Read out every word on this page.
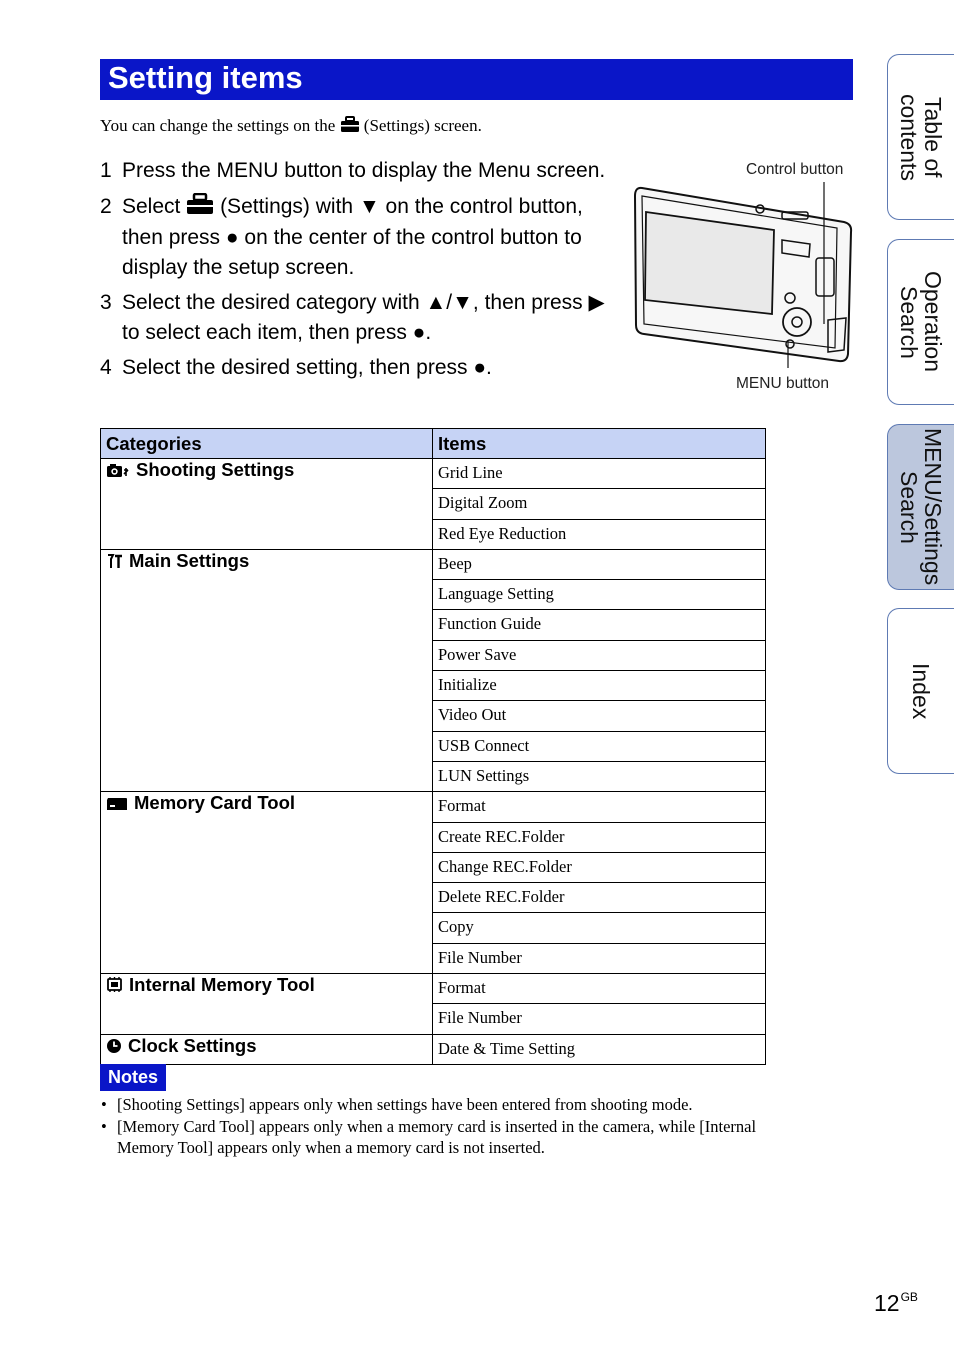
Setting items
You can change the settings on the (Settings) screen.
1 Press the MENU button to display the Menu screen.
2 Select (Settings) with ▼ on the control button, then press ● on the center of the control button to display the setup screen.
3 Select the desired category with ▲/▼, then press ▶ to select each item, then press ●.
4 Select the desired setting, then press ●.
Control button
MENU button
Categories	Items
Shooting Settings	Grid Line
	Digital Zoom
	Red Eye Reduction
Main Settings	Beep
	Language Setting
	Function Guide
	Power Save
	Initialize
	Video Out
	USB Connect
	LUN Settings
Memory Card Tool	Format
	Create REC.Folder
	Change REC.Folder
	Delete REC.Folder
	Copy
	File Number
Internal Memory Tool	Format
	File Number
Clock Settings	Date & Time Setting
Notes
• [Shooting Settings] appears only when settings have been entered from shooting mode.
• [Memory Card Tool] appears only when a memory card is inserted in the camera, while [Internal Memory Tool] appears only when a memory card is not inserted.
Table of contents
Operation Search
MENU/Settings Search
Index
$12^{GB}$
